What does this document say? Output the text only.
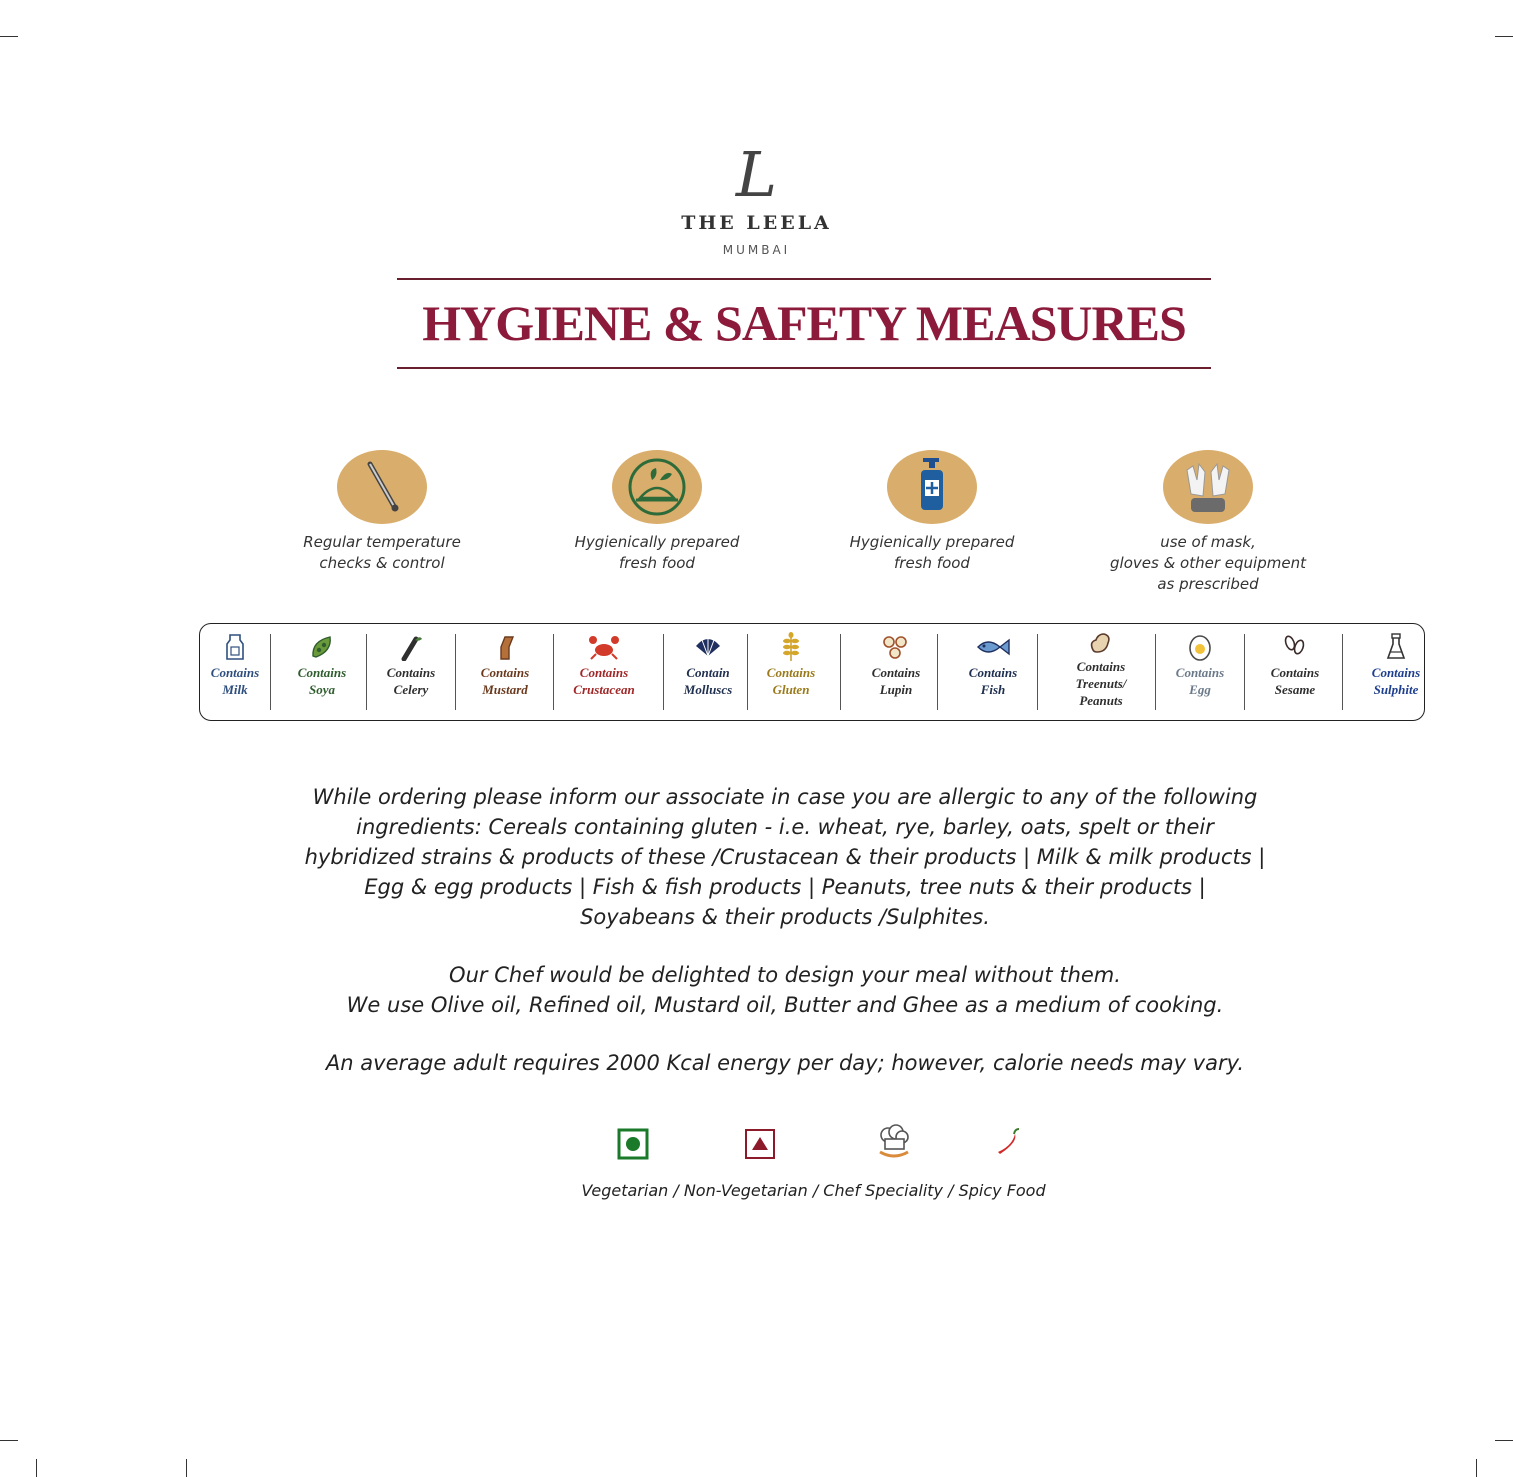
L
THE LEELA
MUMBAI
HYGIENE & SAFETY MEASURES
Regular temperature
checks & control
Hygienically prepared
fresh food
Hygienically prepared
fresh food
use of mask,
gloves & other equipment
as prescribed
Contains
Milk
Contains
Soya
Contains
Celery
Contains
Mustard
Contains
Crustacean
Contain
Molluscs
Contains
Gluten
Contains
Lupin
Contains
Fish
Contains
Treenuts/
Peanuts
Contains
Egg
Contains
Sesame
Contains
Sulphite
While ordering please inform our associate in case you are allergic to any of the following
ingredients: Cereals containing gluten - i.e. wheat, rye, barley, oats, spelt or their
hybridized strains & products of these /Crustacean & their products | Milk & milk products |
Egg & egg products | Fish & fish products | Peanuts, tree nuts & their products |
Soyabeans & their products /Sulphites.
Our Chef would be delighted to design your meal without them.
We use Olive oil, Refined oil, Mustard oil, Butter and Ghee as a medium of cooking.
An average adult requires 2000 Kcal energy per day; however, calorie needs may vary.
Vegetarian / Non-Vegetarian / Chef Speciality / Spicy Food
